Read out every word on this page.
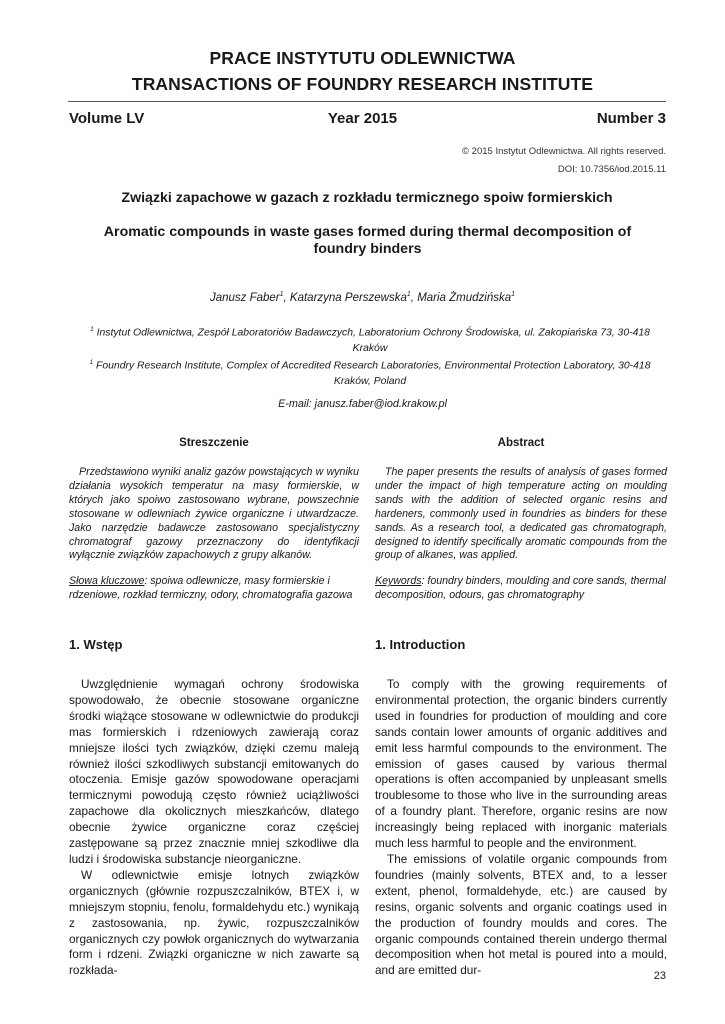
PRACE INSTYTUTU ODLEWNICTWA
TRANSACTIONS OF FOUNDRY RESEARCH INSTITUTE
Volume LV	Year 2015	Number 3
© 2015 Instytut Odlewnictwa. All rights reserved.
DOI: 10.7356/iod.2015.11
Związki zapachowe w gazach z rozkładu termicznego spoiw formierskich
Aromatic compounds in waste gases formed during thermal decomposition of foundry binders
Janusz Faber$^1$, Katarzyna Perszewska$^1$, Maria Żmudzińska$^1$
$^1$ Instytut Odlewnictwa, Zespół Laboratoriów Badawczych, Laboratorium Ochrony Środowiska, ul. Zakopiańska 73, 30-418 Kraków
$^1$ Foundry Research Institute, Complex of Accredited Research Laboratories, Environmental Protection Laboratory, 30-418 Kraków, Poland
E-mail: janusz.faber@iod.krakow.pl
Streszczenie	Abstract
Przedstawiono wyniki analiz gazów powstających w wyniku działania wysokich temperatur na masy formierskie, w których jako spoiwo zastosowano wybrane, powszechnie stosowane w odlewniach żywice organiczne i utwardzacze. Jako narzędzie badawcze zastosowano specjalistyczny chromatograf gazowy przeznaczony do identyfikacji wyłącznie związków zapachowych z grupy alkanów.
The paper presents the results of analysis of gases formed under the impact of high temperature acting on moulding sands with the addition of selected organic resins and hardeners, commonly used in foundries as binders for these sands. As a research tool, a dedicated gas chromatograph, designed to identify specifically aromatic compounds from the group of alkanes, was applied.
Słowa kluczowe: spoiwa odlewnicze, masy formierskie i rdzeniowe, rozkład termiczny, odory, chromatografia gazowa
Keywords: foundry binders, moulding and core sands, thermal decomposition, odours, gas chromatography
1. Wstęp	1. Introduction

Uwzględnienie wymagań ochrony środowiska spowodowało, że obecnie stosowane organiczne środki wiążące stosowane w odlewnictwie do produkcji mas formierskich i rdzeniowych zawierają coraz mniejsze ilości tych związków, dzięki czemu maleją również ilości szkodliwych substancji emitowanych do otoczenia. Emisje gazów spowodowane operacjami termicznymi powodują często również uciążliwości zapachowe dla okolicznych mieszkańców, dlatego obecnie żywice organiczne coraz częściej zastępowane są przez znacznie mniej szkodliwe dla ludzi i środowiska substancje nieorganiczne.

W odlewnictwie emisje lotnych związków organicznych (głównie rozpuszczalników, BTEX i, w mniejszym stopniu, fenolu, formaldehydu etc.) wynikają z zastosowania, np. żywic, rozpuszczalników organicznych czy powłok organicznych do wytwarzania form i rdzeni. Związki organiczne w nich zawarte są rozkłada-

To comply with the growing requirements of environmental protection, the organic binders currently used in foundries for production of moulding and core sands contain lower amounts of organic additives and emit less harmful compounds to the environment. The emission of gases caused by various thermal operations is often accompanied by unpleasant smells troublesome to those who live in the surrounding areas of a foundry plant. Therefore, organic resins are now increasingly being replaced with inorganic materials much less harmful to people and the environment.

The emissions of volatile organic compounds from foundries (mainly solvents, BTEX and, to a lesser extent, phenol, formaldehyde, etc.) are caused by resins, organic solvents and organic coatings used in the production of foundry moulds and cores. The organic compounds contained therein undergo thermal decomposition when hot metal is poured into a mould, and are emitted dur-	23
